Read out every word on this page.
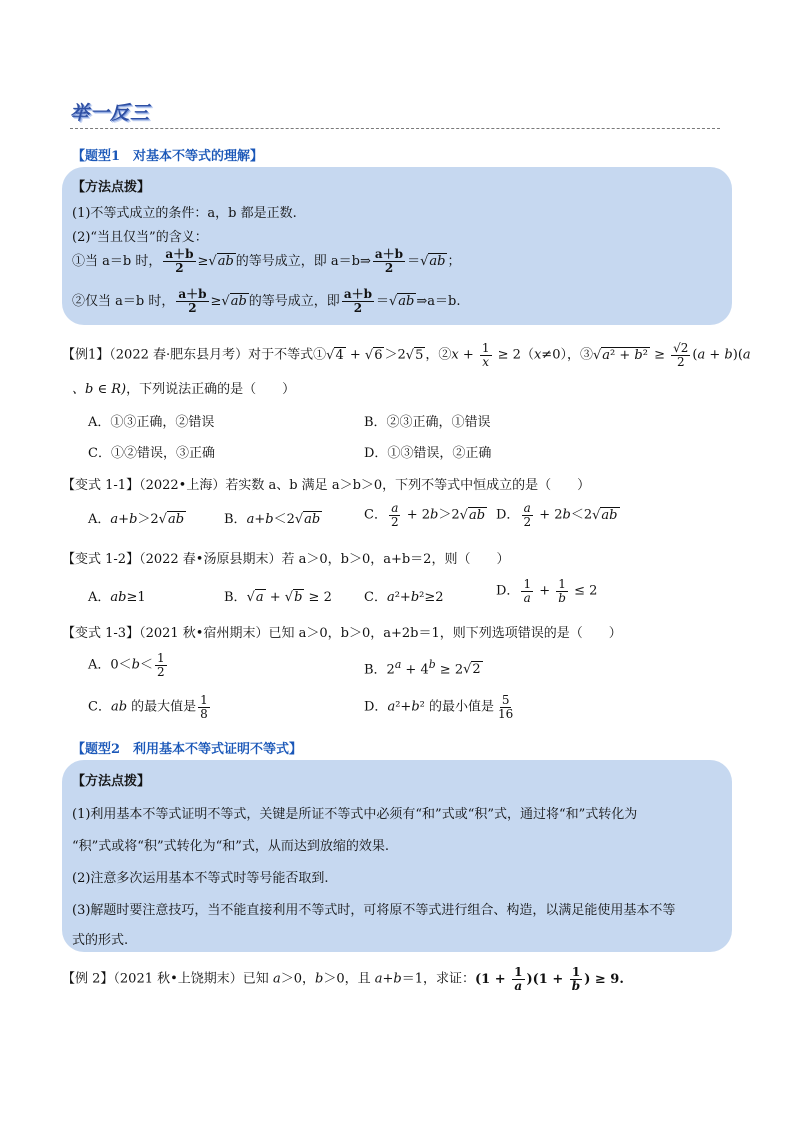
举一反三
【题型1　对基本不等式的理解】
【方法点拨】
(1)不等式成立的条件：a，b 都是正数.
(2)“当且仅当”的含义：
①当 a＝b 时， $\frac{a+b}{2}$ ≥√ ab 的等号成立，即 a＝b⇒ $\frac{a+b}{2}$ ＝√ ab ；
②仅当 a＝b 时， $\frac{a+b}{2}$ ≥√ ab 的等号成立，即 $\frac{a+b}{2}$ ＝√ ab ⇒a＝b.
【例1】（2022 春·肥东县月考）对于不等式①√ 4 + √ 6 ＞2√ 5 ，②x + $\frac{1}{x} \ge 2(x\ne 0)$，③√ $a^2 + b^2 \ge \frac{√2}{2} (a + b)(a$
、b ∈ R)，下列说法正确的是（　　）
A．①③正确，②错误	B．②③正确，①错误
C．①②错误，③正确	D．①③错误，②正确
【变式 1-1】（2022•上海）若实数 a、b 满足 a＞b＞0，下列不等式中恒成立的是（　　）
A．a+b＞2√ ab	B．a+b＜2√ ab	C． $\frac{a}{2} + 2b>2√$ ab D． $\frac{a}{2} + 2b<2√$ ab
【变式 1-2】（2022 春•汤原县期末）若 a＞0，b＞0，a+b＝2，则（　　）
A．ab≥1	B．√ a + √ b ≥ 2 C．a²+b²≥2	D． $\frac{1}{a} + \frac{1}{b} \le 2$
【变式 1-3】（2021 秋•宿州期末）已知 a＞0，b＞0，a+2b＝1，则下列选项错误的是（　　）
A．$0<b< \frac{1}{2}$	B．$2^a + 4^b \ge 2√$ 2
C．ab 的最大值是 $\frac{1}{8}$	D．a²+b² 的最小值是 $\frac{5}{16}$
【题型2　利用基本不等式证明不等式】
【方法点拨】
(1)利用基本不等式证明不等式，关键是所证不等式中必须有“和”式或“积”式，通过将“和”式转化为
“积”式或将“积”式转化为“和”式，从而达到放缩的效果.
(2)注意多次运用基本不等式时等号能否取到.
(3)解题时要注意技巧，当不能直接利用不等式时，可将原不等式进行组合、构造，以满足能使用基本不等
式的形式.
【例 2】（2021 秋•上饶期末）已知 a＞0，b＞0，且 a+b＝1，求证：$(1 + \frac{1}{a} )(1 + \frac{1}{b}$ ) ≥ 9.
